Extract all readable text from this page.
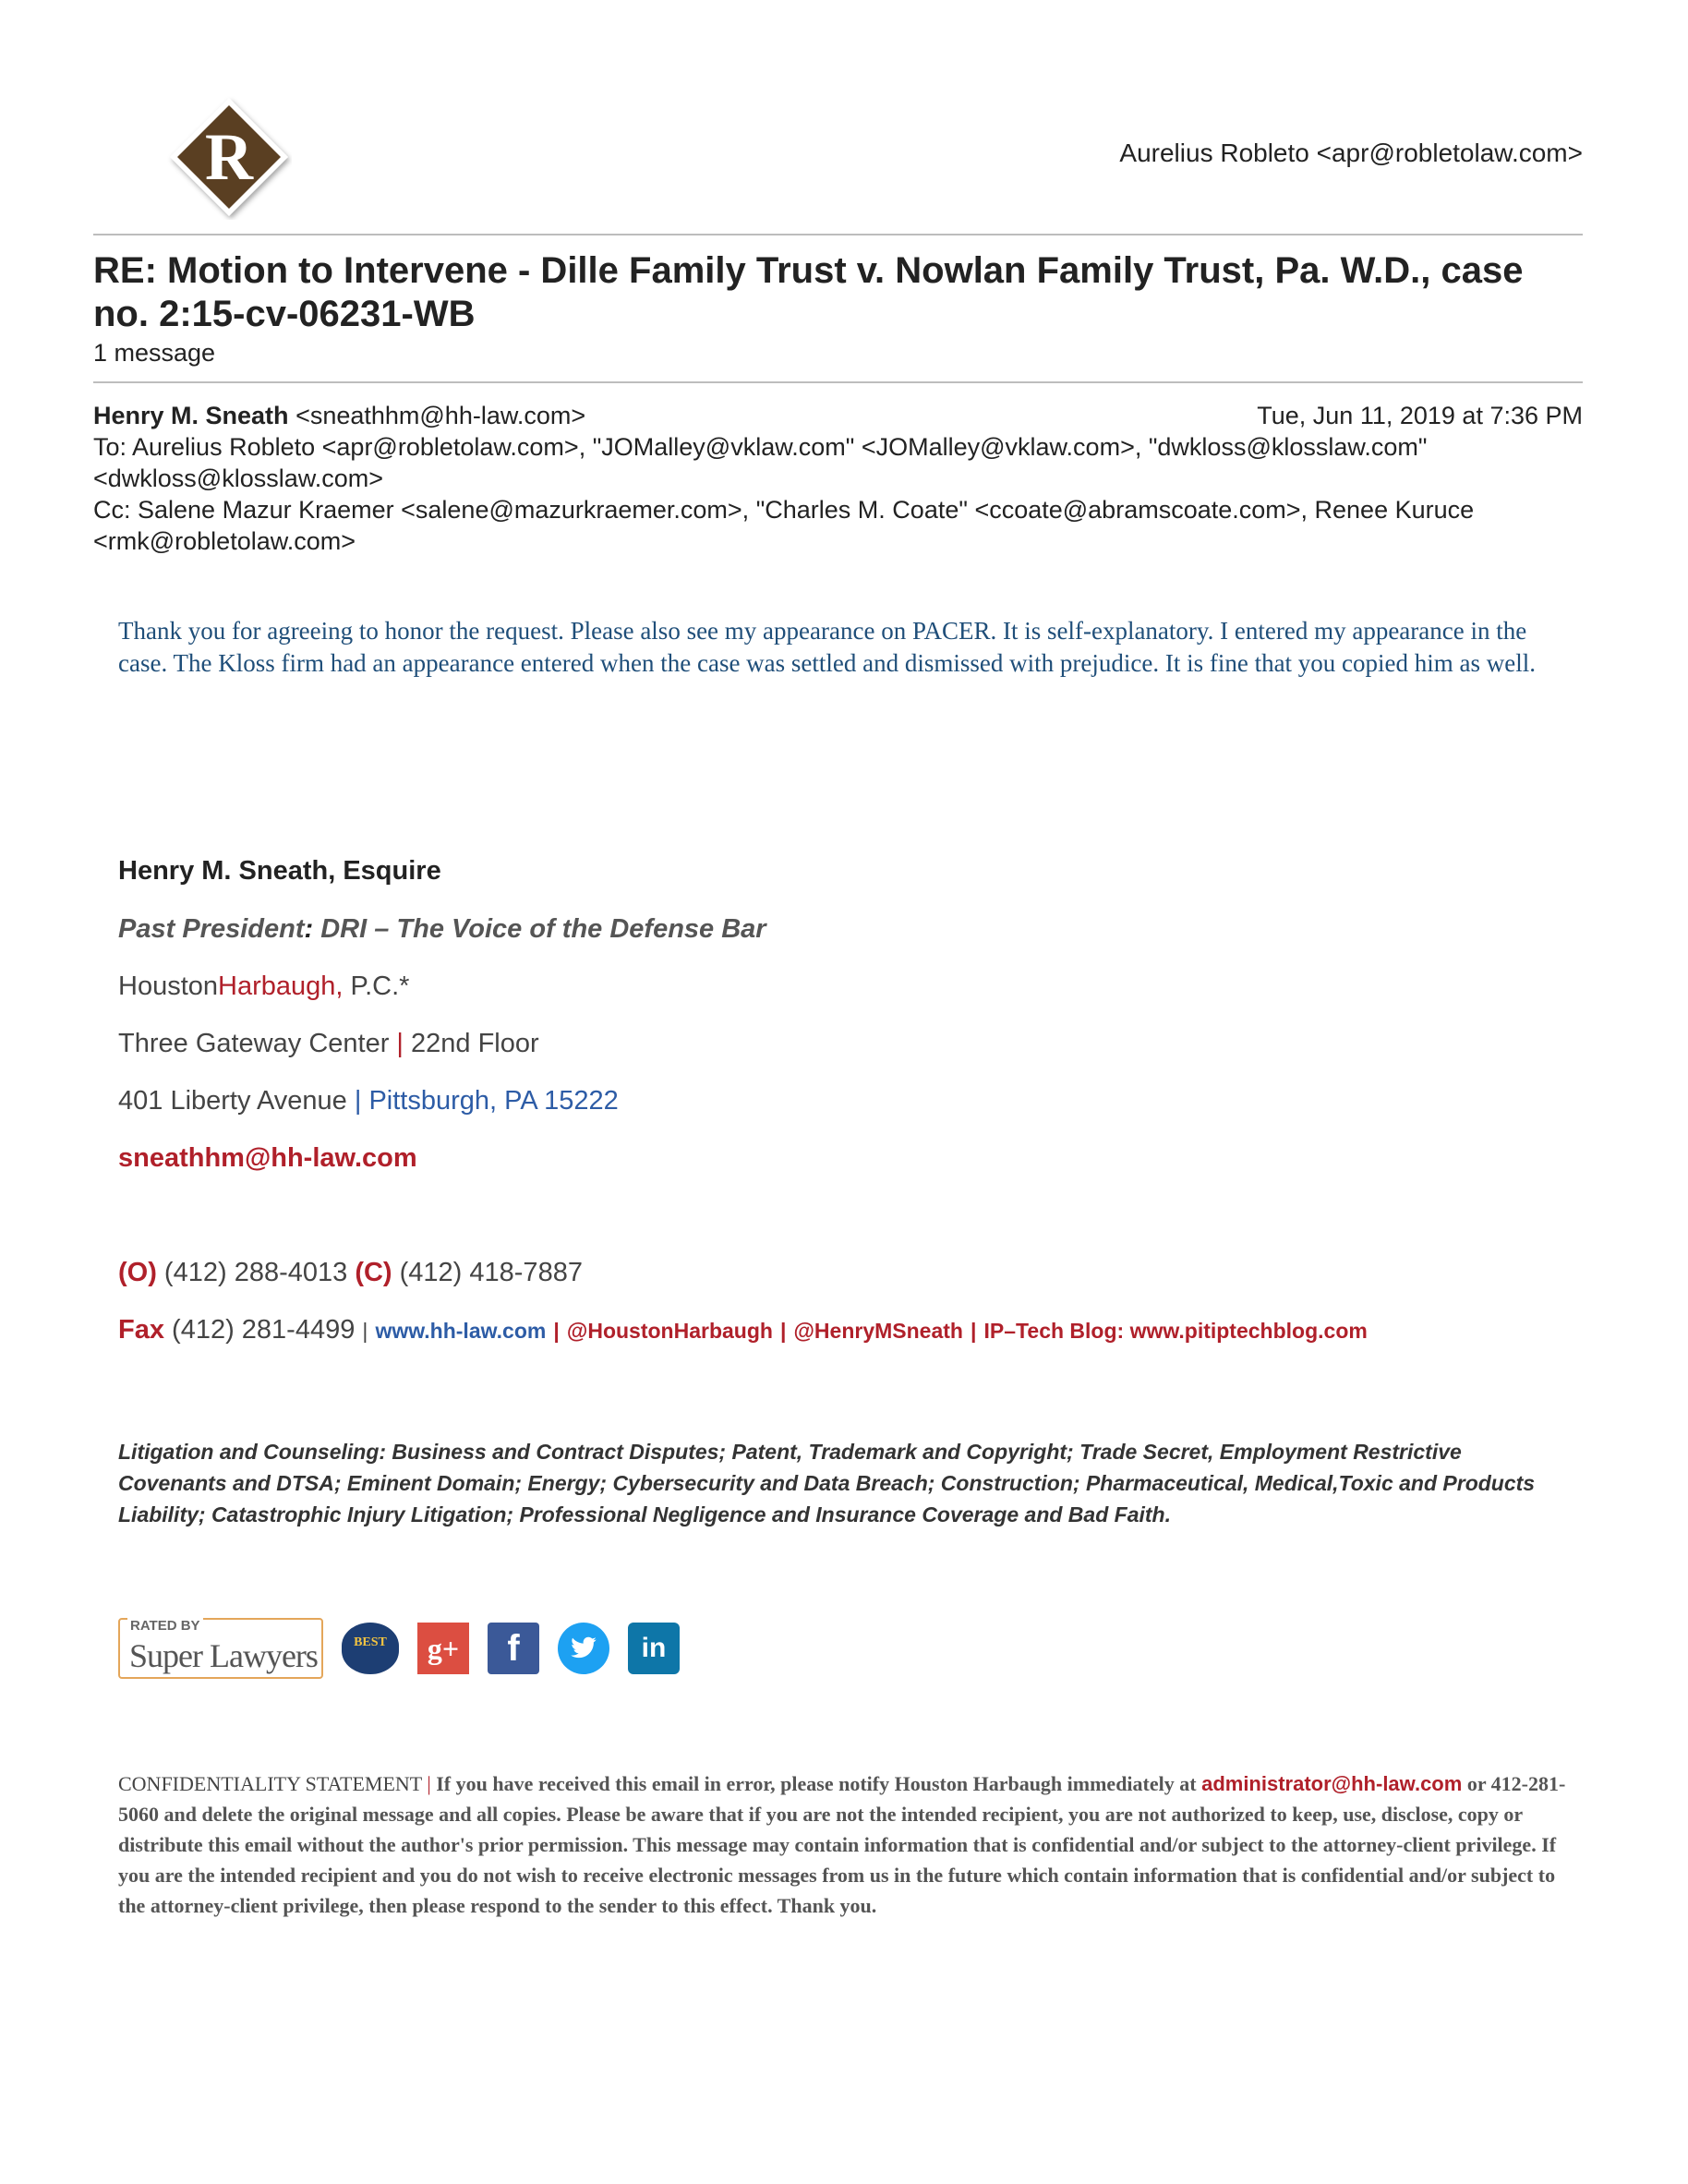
R	Aurelius Robleto <apr@robletolaw.com>
RE: Motion to Intervene - Dille Family Trust v. Nowlan Family Trust, Pa. W.D., case no. 2:15-cv-06231-WB
1 message
Henry M. Sneath <sneathhm@hh-law.com>	Tue, Jun 11, 2019 at 7:36 PM
To: Aurelius Robleto <apr@robletolaw.com>, "JOMalley@vklaw.com" <JOMalley@vklaw.com>, "dwkloss@klosslaw.com"
<dwkloss@klosslaw.com>
Cc: Salene Mazur Kraemer <salene@mazurkraemer.com>, "Charles M. Coate" <ccoate@abramscoate.com>, Renee Kuruce
<rmk@robletolaw.com>
Thank you for agreeing to honor the request. Please also see my appearance on PACER. It is self-explanatory. I entered my appearance in the case. The Kloss firm had an appearance entered when the case was settled and dismissed with prejudice. It is fine that you copied him as well.
Henry M. Sneath, Esquire
Past President: DRI – The Voice of the Defense Bar
HoustonHarbaugh, P.C.*
Three Gateway Center | 22nd Floor
401 Liberty Avenue | Pittsburgh, PA 15222
sneathhm@hh-law.com
(O) (412) 288-4013 (C) (412) 418-7887
Fax (412) 281-4499 | www.hh-law.com | @HoustonHarbaugh | @HenryMSneath | IP–Tech Blog: www.pitiptechblog.com
Litigation and Counseling: Business and Contract Disputes; Patent, Trademark and Copyright; Trade Secret, Employment Restrictive Covenants and DTSA; Eminent Domain; Energy; Cybersecurity and Data Breach; Construction; Pharmaceutical, Medical,Toxic and Products Liability; Catastrophic Injury Litigation; Professional Negligence and Insurance Coverage and Bad Faith.
RATED BY
Super Lawyers	BEST	g+ f	in
CONFIDENTIALITY STATEMENT | If you have received this email in error, please notify Houston Harbaugh immediately at administrator@hh-law.com or 412-281-5060 and delete the original message and all copies. Please be aware that if you are not the intended recipient, you are not authorized to keep, use, disclose, copy or distribute this email without the author's prior permission. This message may contain information that is confidential and/or subject to the attorney-client privilege. If you are the intended recipient and you do not wish to receive electronic messages from us in the future which contain information that is confidential and/or subject to the attorney-client privilege, then please respond to the sender to this effect. Thank you.
